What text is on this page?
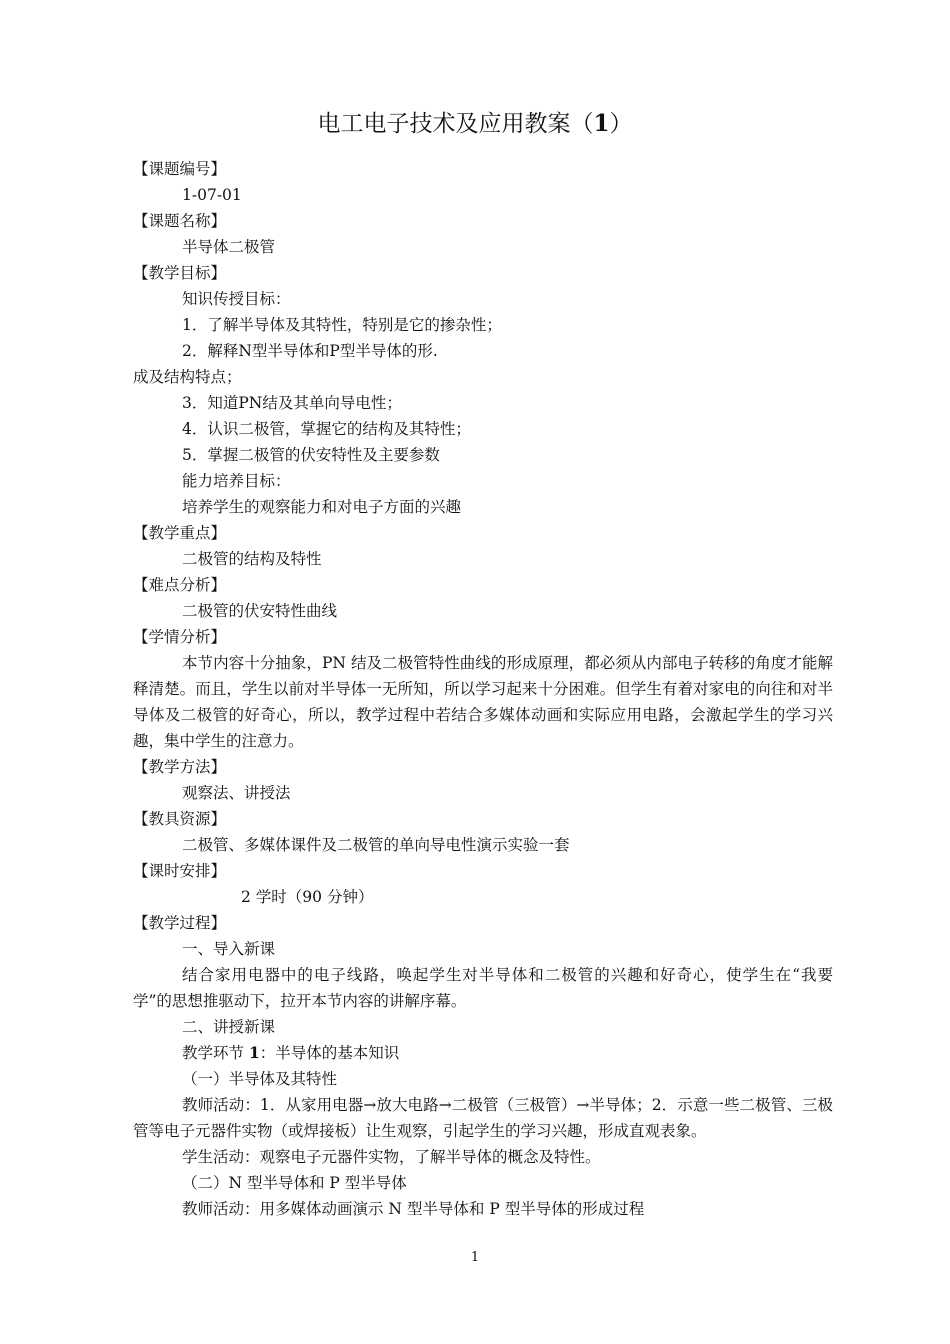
电工电子技术及应用教案（1）

【课题编号】

1-07-01

【课题名称】

半导体二极管

【教学目标】

知识传授目标：

1．了解半导体及其特性，特别是它的掺杂性；

2．解释N型半导体和P型半导体的形.

成及结构特点；

3．知道PN结及其单向导电性；

4．认识二极管，掌握它的结构及其特性；

5．掌握二极管的伏安特性及主要参数

能力培养目标：

培养学生的观察能力和对电子方面的兴趣

【教学重点】

二极管的结构及特性

【难点分析】

二极管的伏安特性曲线

【学情分析】

本节内容十分抽象，PN 结及二极管特性曲线的形成原理，都必须从内部电子转移的角度才能解释清楚。而且，学生以前对半导体一无所知，所以学习起来十分困难。但学生有着对家电的向往和对半导体及二极管的好奇心，所以，教学过程中若结合多媒体动画和实际应用电路，会激起学生的学习兴趣，集中学生的注意力。

【教学方法】

观察法、讲授法

【教具资源】

二极管、多媒体课件及二极管的单向导电性演示实验一套

【课时安排】

2 学时（90 分钟）

【教学过程】

一、导入新课

结合家用电器中的电子线路，唤起学生对半导体和二极管的兴趣和好奇心，使学生在“我要学”的思想推驱动下，拉开本节内容的讲解序幕。

二、讲授新课

教学环节 1：半导体的基本知识

（一）半导体及其特性

教师活动：1．从家用电器→放大电路→二极管（三极管）→半导体；2．示意一些二极管、三极管等电子元器件实物（或焊接板）让生观察，引起学生的学习兴趣，形成直观表象。

学生活动：观察电子元器件实物，了解半导体的概念及特性。

（二）N 型半导体和 P 型半导体

教师活动：用多媒体动画演示 N 型半导体和 P 型半导体的形成过程

1
